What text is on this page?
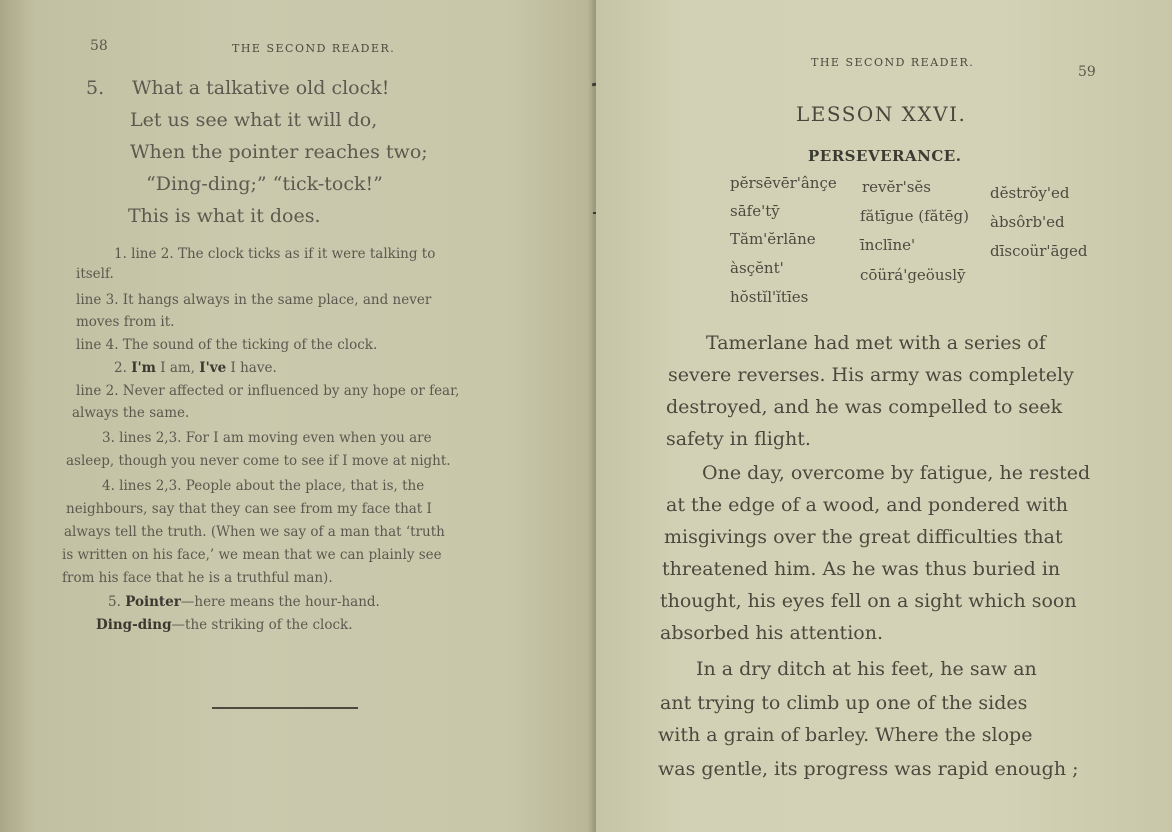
58	THE SECOND READER.
5. What a talkative old clock!
Let us see what it will do,
When the pointer reaches two;
“Ding-ding;” “tick-tock!”
This is what it does.
1. line 2. The clock ticks as if it were talking to
itself.
line 3. It hangs always in the same place, and never
moves from it.
line 4. The sound of the ticking of the clock.
2. I'm I am, I've I have.
line 2. Never affected or influenced by any hope or fear,
always the same.
3. lines 2,3. For I am moving even when you are
asleep, though you never come to see if I move at night.
4. lines 2,3. People about the place, that is, the
neighbours, say that they can see from my face that I
always tell the truth. (When we say of a man that ‘truth
is written on his face,’ we mean that we can plainly see
from his face that he is a truthful man).
5. Pointer—here means the hour-hand.
Ding-ding—the striking of the clock.
THE SECOND READER.
59
LESSON XXVI.
PERSEVERANCE.
pĕrsēvēr'ânçe
sāfe'tȳ
Tăm'ĕrlāne
àsçĕnt'
hŏstĭl'ĭtīes
revĕr'sĕs
fătīgue (fătēg)
īnclīne'
cōürá'geöuslȳ
dĕstrŏy'ed
àbsôrb'ed
dīscoür'āged
Tamerlane had met with a series of
severe reverses. His army was completely
destroyed, and he was compelled to seek
safety in flight.
One day, overcome by fatigue, he rested
at the edge of a wood, and pondered with
misgivings over the great difficulties that
threatened him. As he was thus buried in
thought, his eyes fell on a sight which soon
absorbed his attention.
In a dry ditch at his feet, he saw an
ant trying to climb up one of the sides
with a grain of barley. Where the slope
was gentle, its progress was rapid enough ;
